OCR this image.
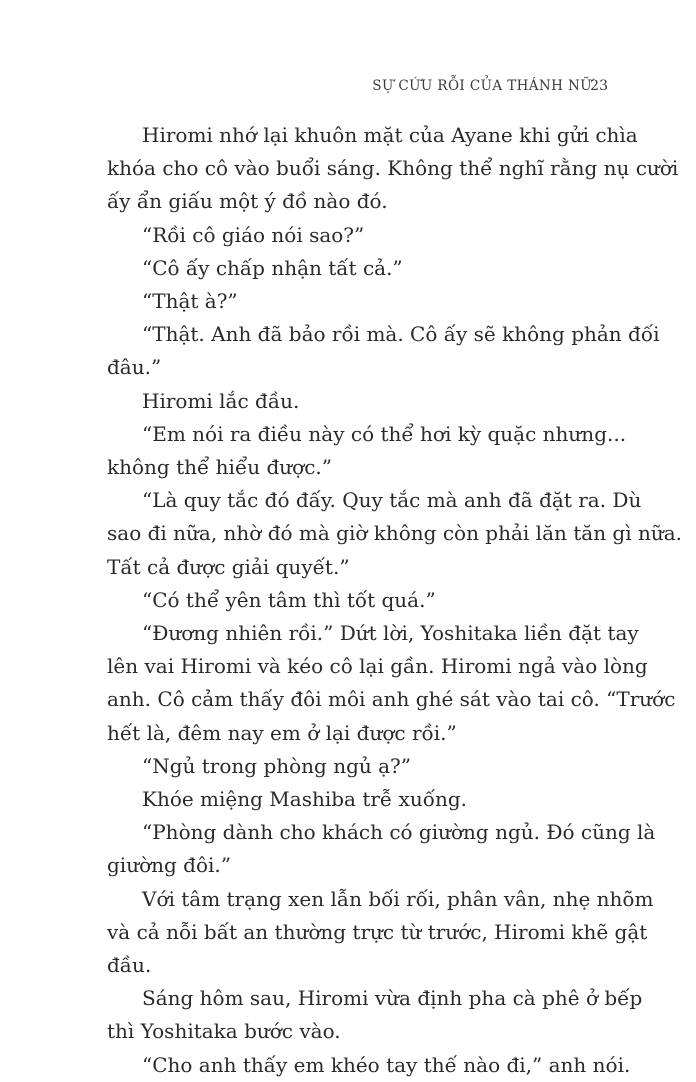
SỰ CỨU RỖI CỦA THÁNH NỮ
23
Hiromi nhớ lại khuôn mặt của Ayane khi gửi chìa
khóa cho cô vào buổi sáng. Không thể nghĩ rằng nụ cười
ấy ẩn giấu một ý đồ nào đó.
“Rồi cô giáo nói sao?”
“Cô ấy chấp nhận tất cả.”
“Thật à?”
“Thật. Anh đã bảo rồi mà. Cô ấy sẽ không phản đối
đâu.”
Hiromi lắc đầu.
“Em nói ra điều này có thể hơi kỳ quặc nhưng...
không thể hiểu được.”
“Là quy tắc đó đấy. Quy tắc mà anh đã đặt ra. Dù
sao đi nữa, nhờ đó mà giờ không còn phải lăn tăn gì nữa.
Tất cả được giải quyết.”
“Có thể yên tâm thì tốt quá.”
“Đương nhiên rồi.” Dứt lời, Yoshitaka liền đặt tay
lên vai Hiromi và kéo cô lại gần. Hiromi ngả vào lòng
anh. Cô cảm thấy đôi môi anh ghé sát vào tai cô. “Trước
hết là, đêm nay em ở lại được rồi.”
“Ngủ trong phòng ngủ ạ?”
Khóe miệng Mashiba trễ xuống.
“Phòng dành cho khách có giường ngủ. Đó cũng là
giường đôi.”
Với tâm trạng xen lẫn bối rối, phân vân, nhẹ nhõm
và cả nỗi bất an thường trực từ trước, Hiromi khẽ gật
đầu.
Sáng hôm sau, Hiromi vừa định pha cà phê ở bếp
thì Yoshitaka bước vào.
“Cho anh thấy em khéo tay thế nào đi,” anh nói.
